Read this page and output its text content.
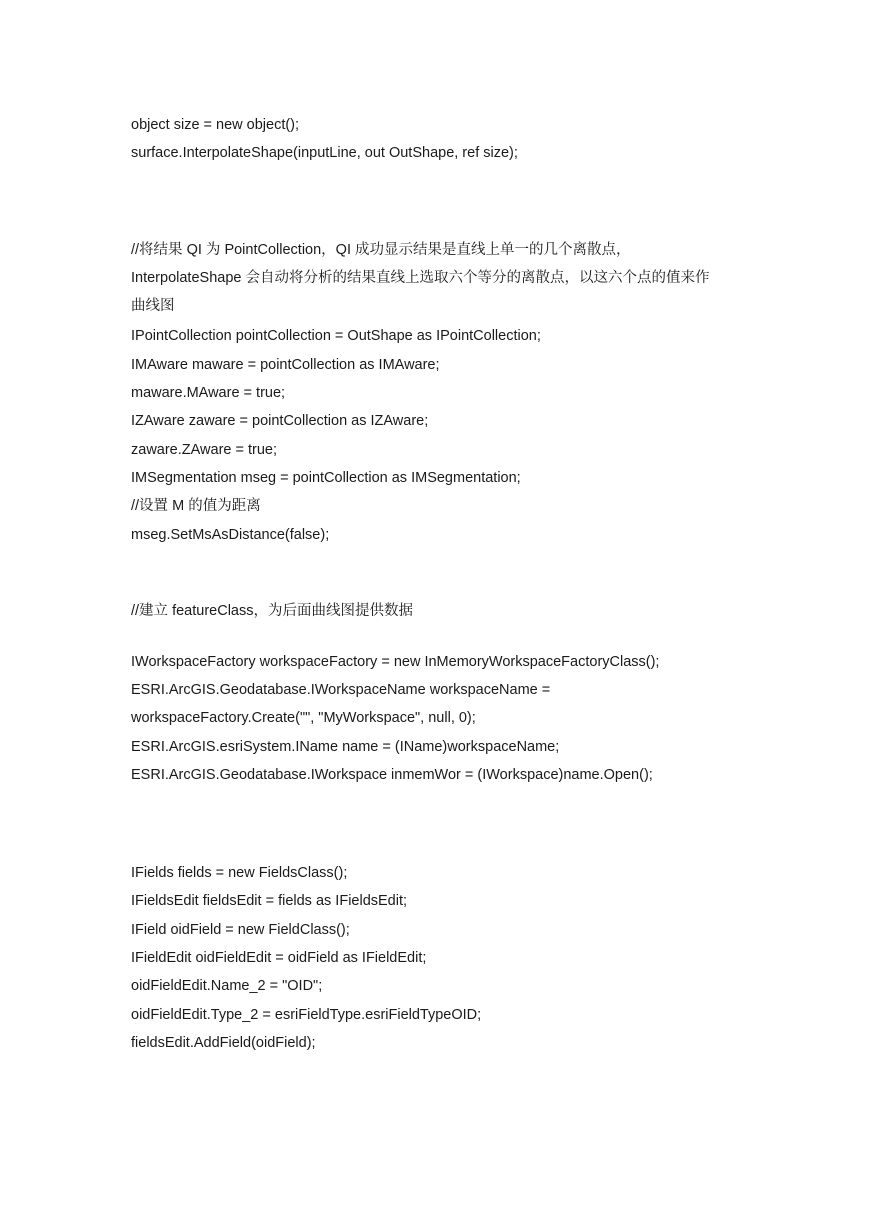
object size = new object();
surface.InterpolateShape(inputLine, out OutShape, ref size);
//将结果 QI 为 PointCollection，QI 成功显示结果是直线上单一的几个离散点，
InterpolateShape 会自动将分析的结果直线上选取六个等分的离散点，以这六个点的值来作
曲线图
IPointCollection pointCollection = OutShape as IPointCollection;
IMAware maware = pointCollection as IMAware;
maware.MAware = true;
IZAware zaware = pointCollection as IZAware;
zaware.ZAware = true;
IMSegmentation mseg = pointCollection as IMSegmentation;
//设置 M 的值为距离
mseg.SetMsAsDistance(false);
//建立 featureClass，为后面曲线图提供数据
IWorkspaceFactory workspaceFactory = new InMemoryWorkspaceFactoryClass();
ESRI.ArcGIS.Geodatabase.IWorkspaceName workspaceName =
workspaceFactory.Create("", "MyWorkspace", null, 0);
ESRI.ArcGIS.esriSystem.IName name = (IName)workspaceName;
ESRI.ArcGIS.Geodatabase.IWorkspace inmemWor = (IWorkspace)name.Open();
IFields fields = new FieldsClass();
IFieldsEdit fieldsEdit = fields as IFieldsEdit;
IField oidField = new FieldClass();
IFieldEdit oidFieldEdit = oidField as IFieldEdit;
oidFieldEdit.Name_2 = "OID";
oidFieldEdit.Type_2 = esriFieldType.esriFieldTypeOID;
fieldsEdit.AddField(oidField);
